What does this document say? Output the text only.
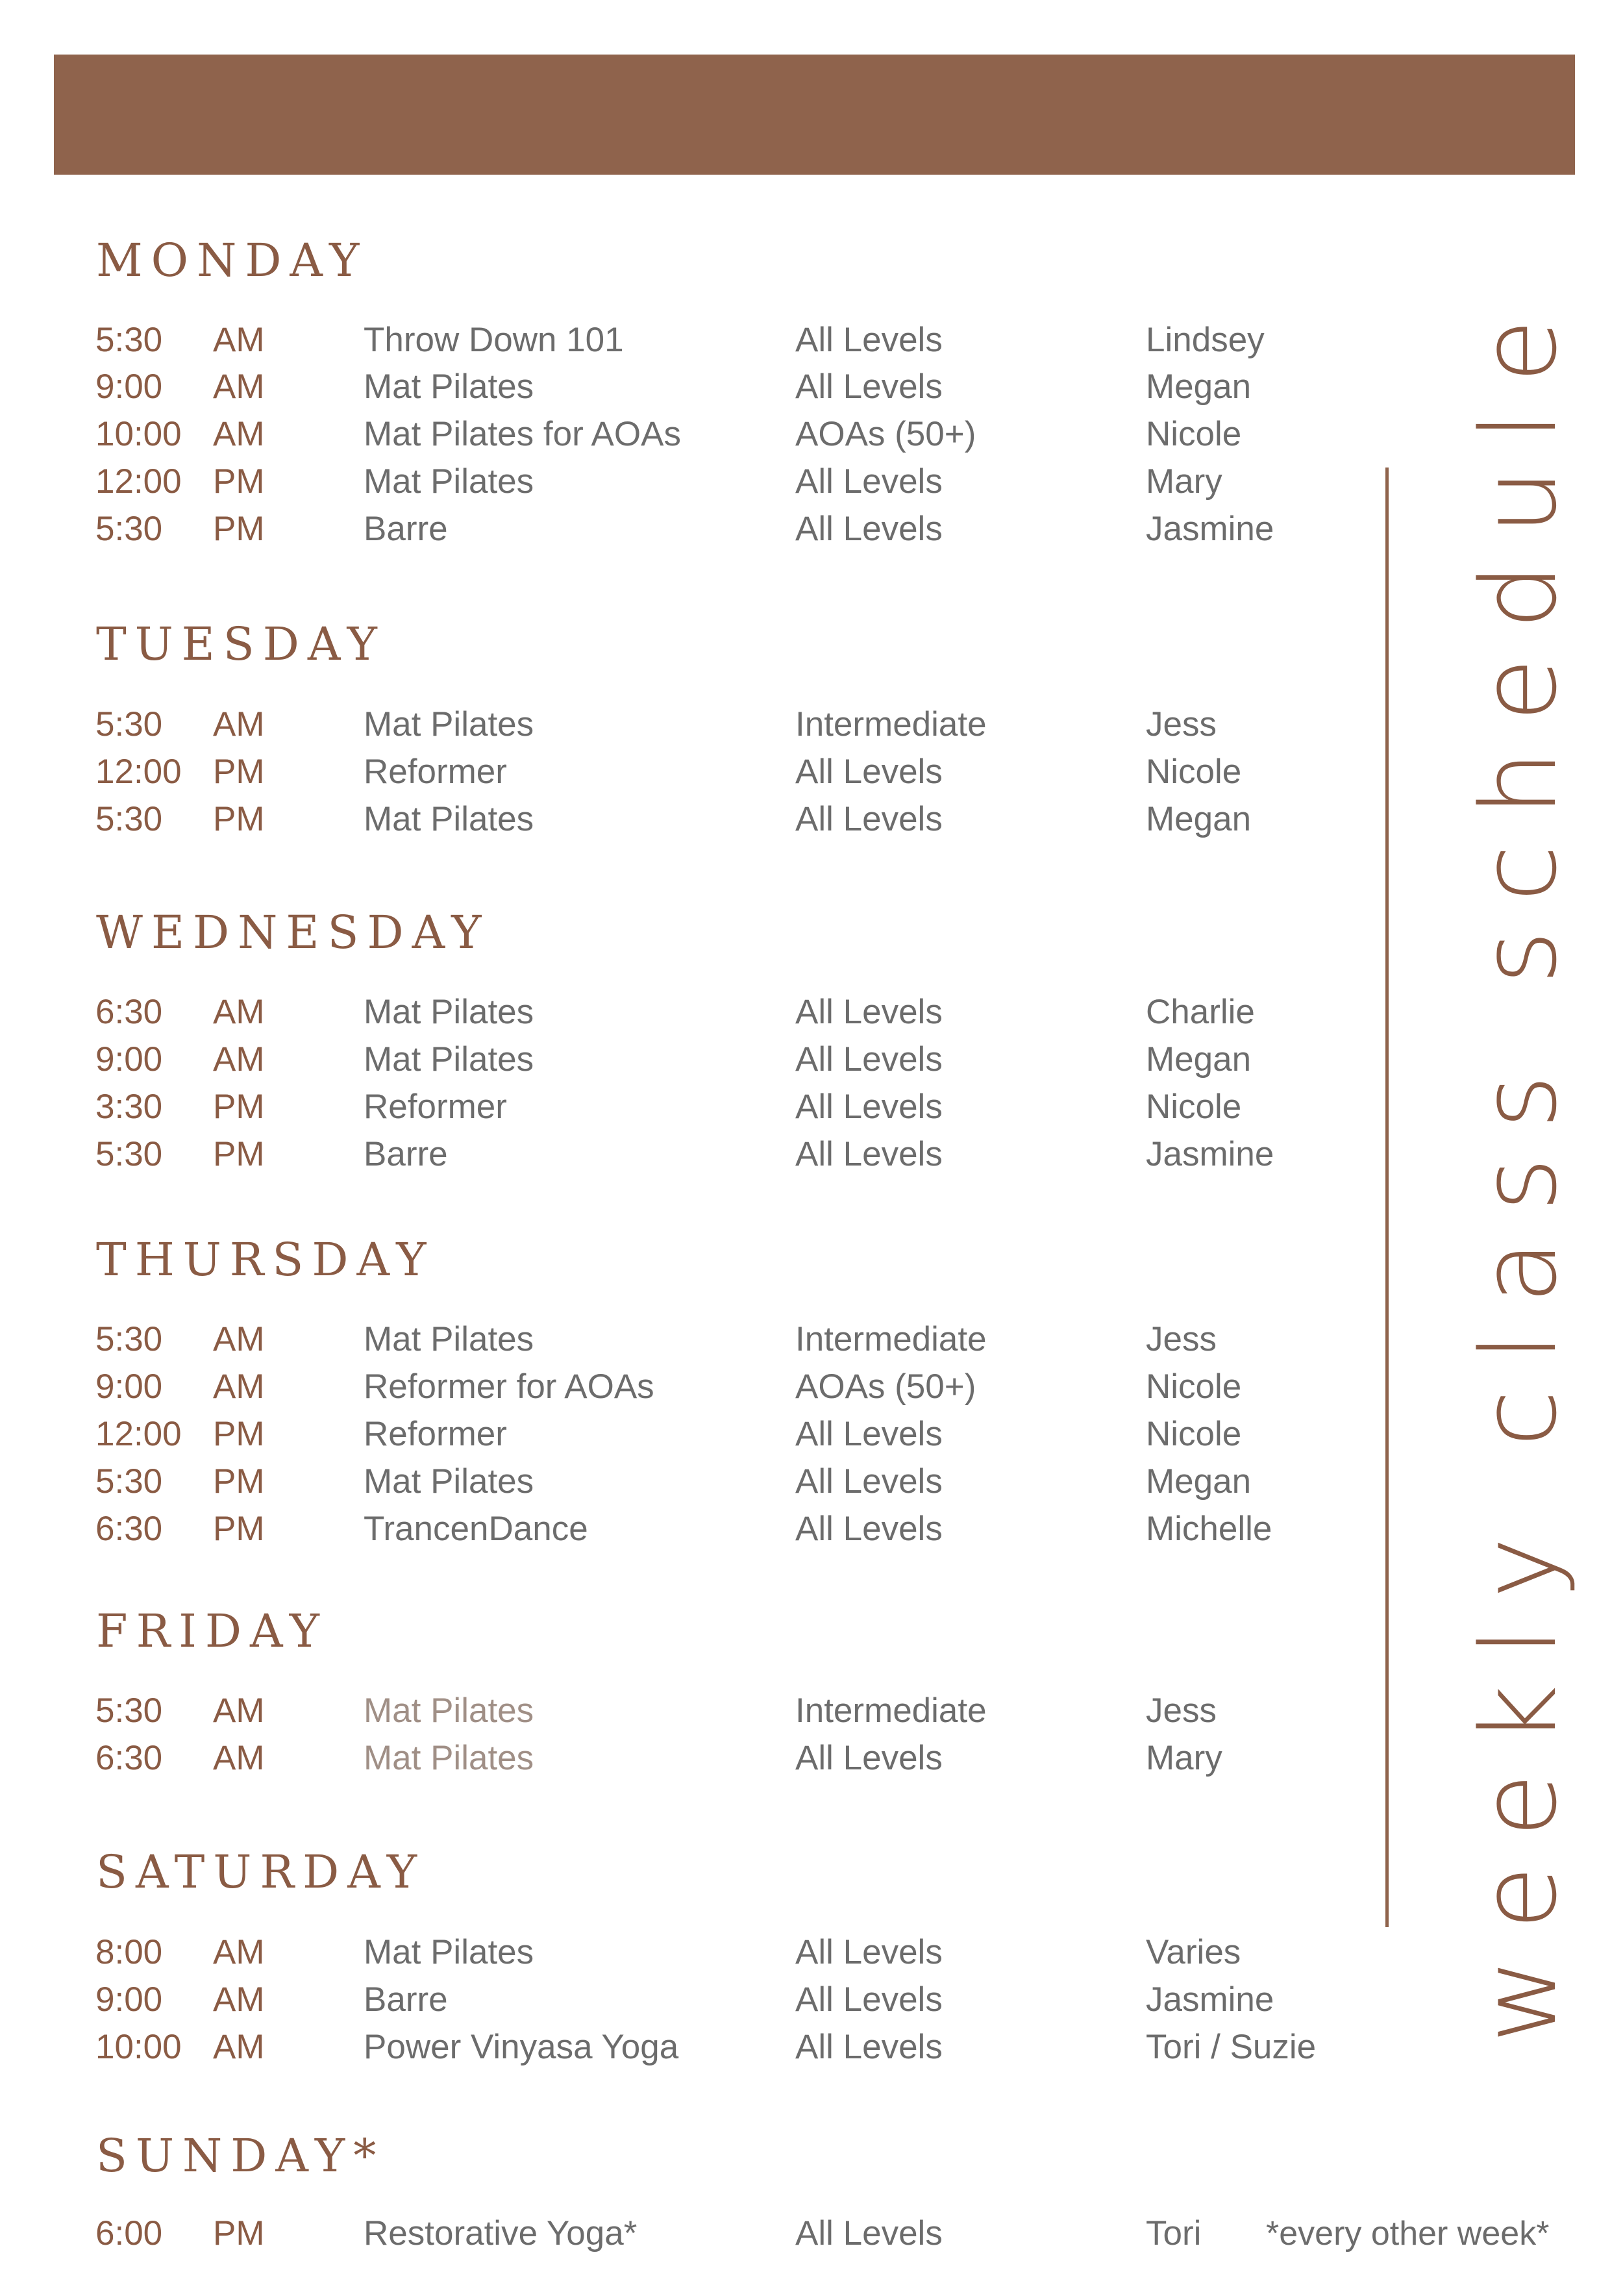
MONDAY
5:30 AM	Throw Down 101	All Levels	Lindsey
9:00 AM	Mat Pilates	All Levels	Megan
10:00 AM	Mat Pilates for AOAs	AOAs (50+)	Nicole
12:00 PM	Mat Pilates	All Levels	Mary
5:30 PM	Barre	All Levels	Jasmine
TUESDAY
5:30 AM	Mat Pilates	Intermediate	Jess
12:00 PM	Reformer	All Levels	Nicole
5:30 PM	Mat Pilates	All Levels	Megan
WEDNESDAY
6:30 AM	Mat Pilates	All Levels	Charlie
9:00 AM	Mat Pilates	All Levels	Megan
3:30 PM	Reformer	All Levels	Nicole
5:30 PM	Barre	All Levels	Jasmine
THURSDAY
5:30 AM	Mat Pilates	Intermediate	Jess
9:00 AM	Reformer for AOAs	AOAs (50+)	Nicole
12:00 PM	Reformer	All Levels	Nicole
5:30 PM	Mat Pilates	All Levels	Megan
6:30 PM	TrancenDance	All Levels	Michelle
FRIDAY
5:30 AM	Mat Pilates	Intermediate	Jess
6:30 AM	Mat Pilates	All Levels	Mary
SATURDAY
8:00 AM	Mat Pilates	All Levels	Varies
9:00 AM	Barre	All Levels	Jasmine
10:00 AM	Power Vinyasa Yoga	All Levels	Tori / Suzie
SUNDAY*
6:00 PM	Restorative Yoga*	All Levels	Tori *every other week*
weekly class schedule
